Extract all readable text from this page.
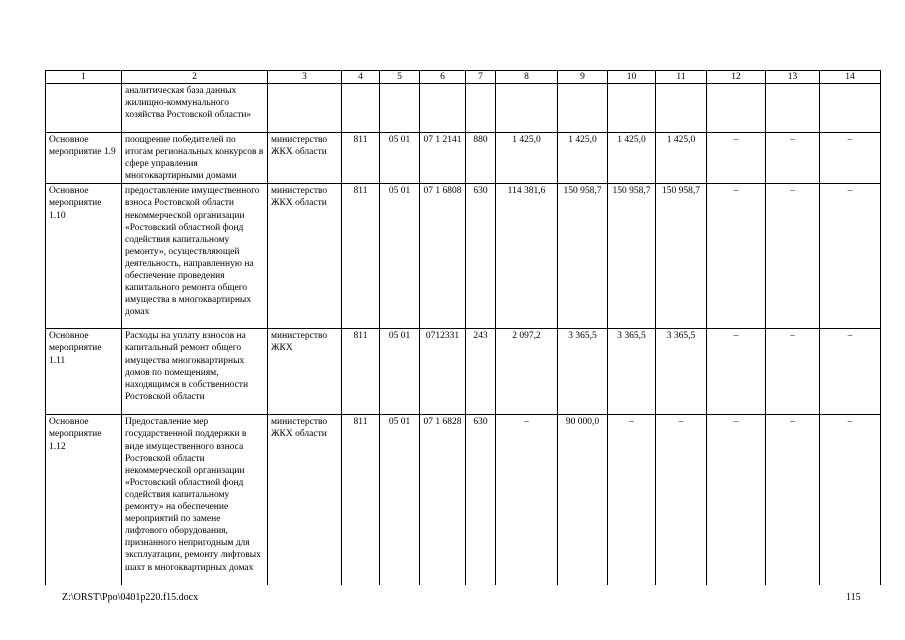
1	2	3	4	5	6	7	8	9	10	11	12	13	14
	аналитическая база данных жилищно-коммунального хозяйства Ростовской области»												
Основное мероприятие 1.9	поощрение победителей по итогам региональных конкурсов в сфере управления многоквартирными домами	министерство ЖКХ области	811	05 01	07 1 2141	880	1 425,0	1 425,0	1 425,0	1 425,0	–	–	–
Основное мероприятие 1.10	предоставление имущественного взноса Ростовской области некоммерческой организации «Ростовский областной фонд содействия капитальному ремонту», осуществляющей деятельность, направленную на обеспечение проведения капитального ремонта общего имущества в многоквартирных домах	министерство ЖКХ области	811	05 01	07 1 6808	630	114 381,6	150 958,7	150 958,7	150 958,7	–	–	–
Основное мероприятие 1.11	Расходы на уплату взносов на капитальный ремонт общего имущества многоквартирных домов по помещениям, находящимся в собственности Ростовской области	министерство ЖКХ	811	05 01	0712331	243	2 097,2	3 365,5	3 365,5	3 365,5	–	–	–
Основное мероприятие 1.12	Предоставление мер государственной поддержки в виде имущественного взноса Ростовской области некоммерческой организации «Ростовский областной фонд содействия капитальному ремонту» на обеспечение мероприятий по замене лифтового оборудования, признанного непригодным для эксплуатации, ремонту лифтовых шахт в многоквартирных домах	министерство ЖКХ области	811	05 01	07 1 6828	630	–	90 000,0	–	–	–	–	–
Z:\ORST\Ppo\0401p220.f15.docx	115
